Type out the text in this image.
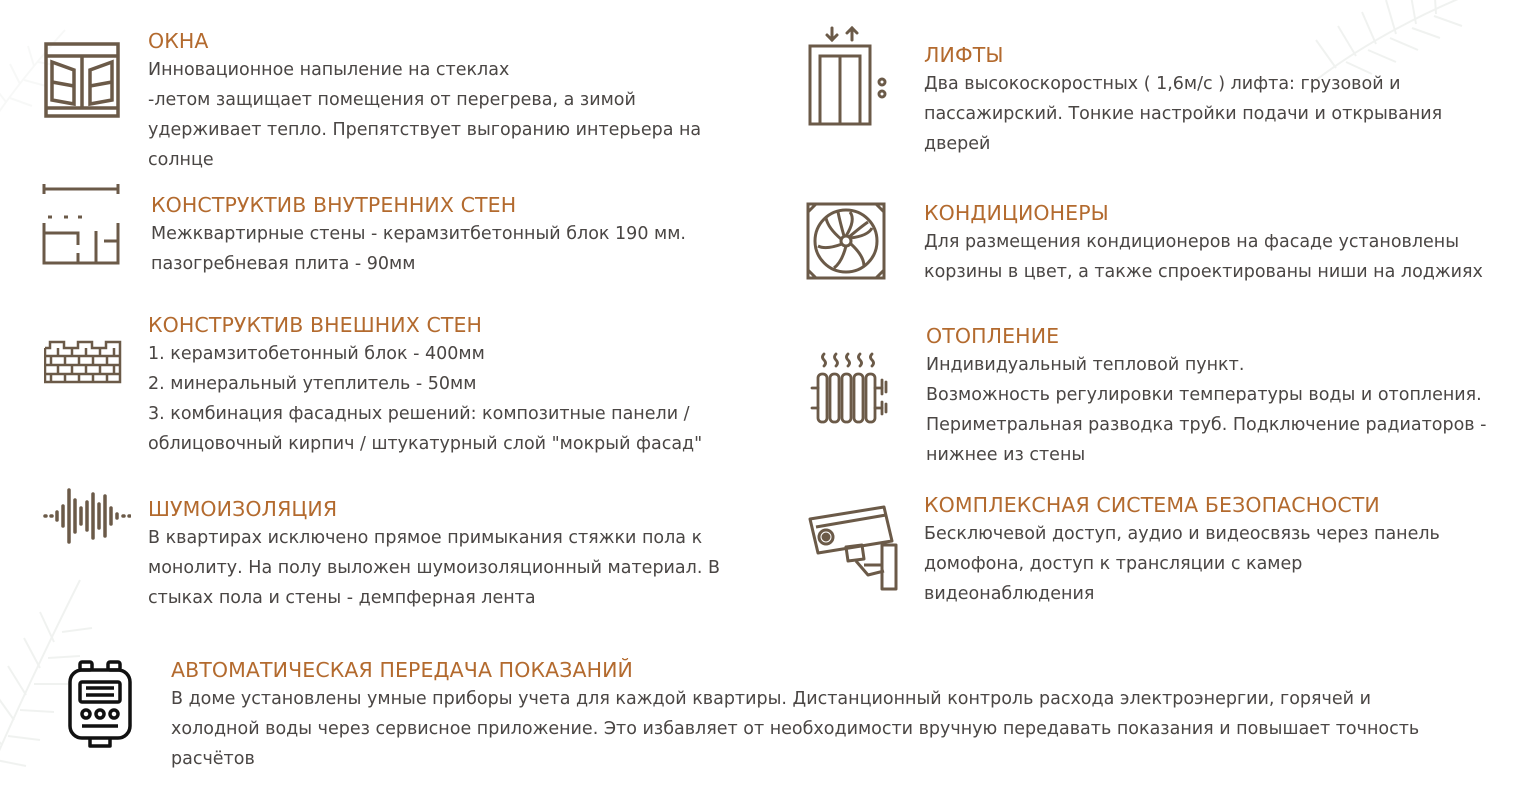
ОКНА
Инновационное напыление на стеклах
-летом защищает помещения от перегрева, а зимой
удерживает тепло. Препятствует выгоранию интерьера на
солнце
КОНСТРУКТИВ ВНУТРЕННИХ СТЕН
Межквартирные стены - керамзитбетонный блок 190 мм.
пазогребневая плита - 90мм
КОНСТРУКТИВ ВНЕШНИХ СТЕН
1. керамзитобетонный блок - 400мм
2. минеральный утеплитель - 50мм
3. комбинация фасадных решений: композитные панели /
облицовочный кирпич / штукатурный слой "мокрый фасад"
ШУМОИЗОЛЯЦИЯ
В квартирах исключено прямое примыкания стяжки пола к
монолиту. На полу выложен шумоизоляционный материал. В
стыках пола и стены - демпферная лента
ЛИФТЫ
Два высокоскоростных ( 1,6м/с ) лифта: грузовой и
пассажирский. Тонкие настройки подачи и открывания
дверей
КОНДИЦИОНЕРЫ
Для размещения кондиционеров на фасаде установлены
корзины в цвет, а также спроектированы ниши на лоджиях
ОТОПЛЕНИЕ
Индивидуальный тепловой пункт.
Возможность регулировки температуры воды и отопления.
Периметральная разводка труб. Подключение радиаторов -
нижнее из стены
КОМПЛЕКСНАЯ СИСТЕМА БЕЗОПАСНОСТИ
Бесключевой доступ, аудио и видеосвязь через панель
домофона, доступ к трансляции с камер
видеонаблюдения
АВТОМАТИЧЕСКАЯ ПЕРЕДАЧА ПОКАЗАНИЙ
В доме установлены умные приборы учета для каждой квартиры. Дистанционный контроль расхода электроэнергии, горячей и
холодной воды через сервисное приложение. Это избавляет от необходимости вручную передавать показания и повышает точность
расчётов
